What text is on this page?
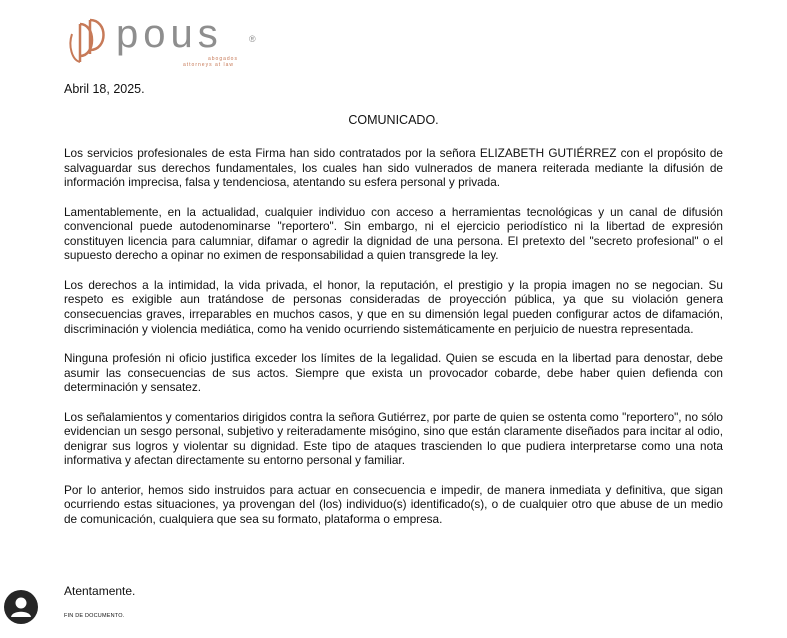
pous	®
abogados
attorneys at law
Abril 18, 2025.
COMUNICADO.

Los servicios profesionales de esta Firma han sido contratados por la señora ELIZABETH GUTIÉRREZ con el propósito de salvaguardar sus derechos fundamentales, los cuales han sido vulnerados de manera reiterada mediante la difusión de información imprecisa, falsa y tendenciosa, atentando su esfera personal y privada.

Lamentablemente, en la actualidad, cualquier individuo con acceso a herramientas tecnológicas y un canal de difusión convencional puede autodenominarse "reportero". Sin embargo, ni el ejercicio periodístico ni la libertad de expresión constituyen licencia para calumniar, difamar o agredir la dignidad de una persona. El pretexto del "secreto profesional" o el supuesto derecho a opinar no eximen de responsabilidad a quien transgrede la ley.

Los derechos a la intimidad, la vida privada, el honor, la reputación, el prestigio y la propia imagen no se negocian. Su respeto es exigible aun tratándose de personas consideradas de proyección pública, ya que su violación genera consecuencias graves, irreparables en muchos casos, y que en su dimensión legal pueden configurar actos de difamación, discriminación y violencia mediática, como ha venido ocurriendo sistemáticamente en perjuicio de nuestra representada.

Ninguna profesión ni oficio justifica exceder los límites de la legalidad. Quien se escuda en la libertad para denostar, debe asumir las consecuencias de sus actos. Siempre que exista un provocador cobarde, debe haber quien defienda con determinación y sensatez.

Los señalamientos y comentarios dirigidos contra la señora Gutiérrez, por parte de quien se ostenta como "reportero", no sólo evidencian un sesgo personal, subjetivo y reiteradamente misógino, sino que están claramente diseñados para incitar al odio, denigrar sus logros y violentar su dignidad. Este tipo de ataques trascienden lo que pudiera interpretarse como una nota informativa y afectan directamente su entorno personal y familiar.

Por lo anterior, hemos sido instruidos para actuar en consecuencia e impedir, de manera inmediata y definitiva, que sigan ocurriendo estas situaciones, ya provengan del (los) individuo(s) identificado(s), o de cualquier otro que abuse de un medio de comunicación, cualquiera que sea su formato, plataforma o empresa.

Atentamente.
FIN DE DOCUMENTO.
